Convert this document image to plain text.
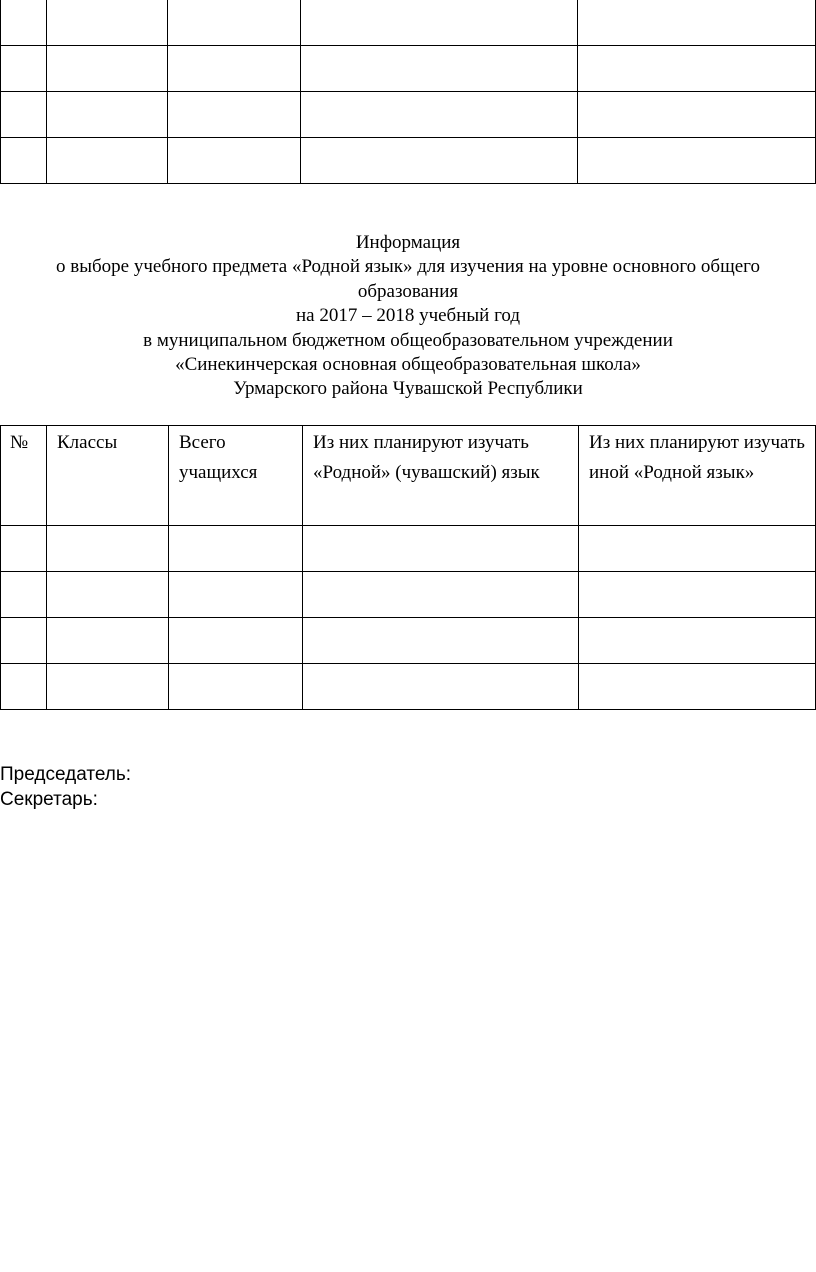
Информация
о выборе учебного предмета «Родной язык» для изучения на уровне основного общего
образования
на 2017 – 2018 учебный год
в муниципальном бюджетном общеобразовательном учреждении
«Синекинчерская основная общеобразовательная школа»
Урмарского района Чувашской Республики
№	Классы	Всего учащихся	Из них планируют изучать «Родной» (чувашский) язык	Из них планируют изучать иной «Родной язык»

Председатель:
Секретарь:
